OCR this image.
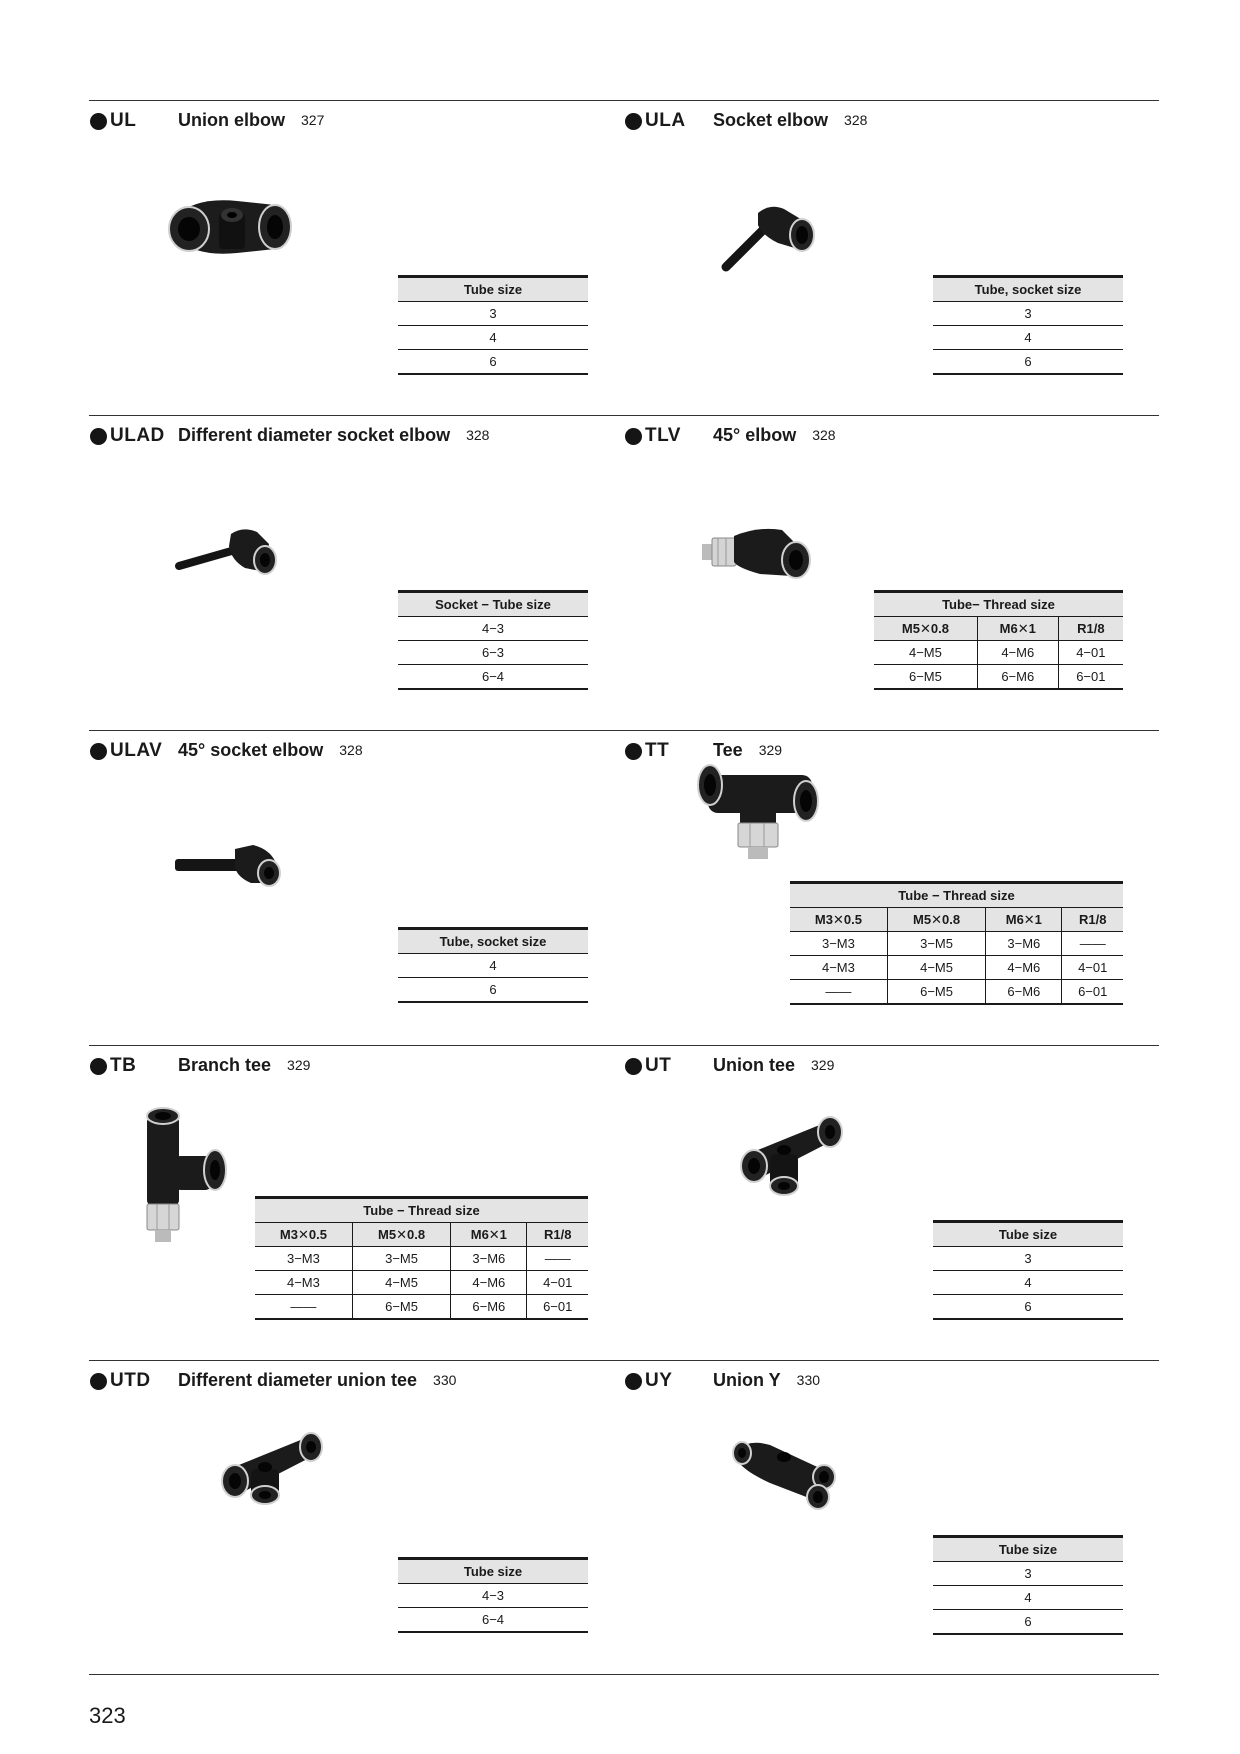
UL Union elbow 327
Tube size
3
4
6
ULA Socket elbow 328
Tube, socket size
3
4
6
ULAD Different diameter socket elbow 328
Socket − Tube size
4−3
6−3
6−4
TLV 45° elbow 328
Tube− Thread size		
M5✕0.8	M6✕1	R1/8
4−M5	4−M6	4−01
6−M5	6−M6	6−01
ULAV 45° socket elbow 328
Tube, socket size
4
6
TT Tee 329
Tube − Thread size			
M3✕0.5	M5✕0.8	M6✕1	R1/8
3−M3	3−M5	3−M6	——
4−M3	4−M5	4−M6	4−01
——	6−M5	6−M6	6−01
TB Branch tee 329
Tube − Thread size			
M3✕0.5	M5✕0.8	M6✕1	R1/8
3−M3	3−M5	3−M6	——
4−M3	4−M5	4−M6	4−01
——	6−M5	6−M6	6−01
UT Union tee 329
Tube size
3
4
6
UTD Different diameter union tee 330
Tube size
4−3
6−4
UY Union Y 330
Tube size
3
4
6
323
